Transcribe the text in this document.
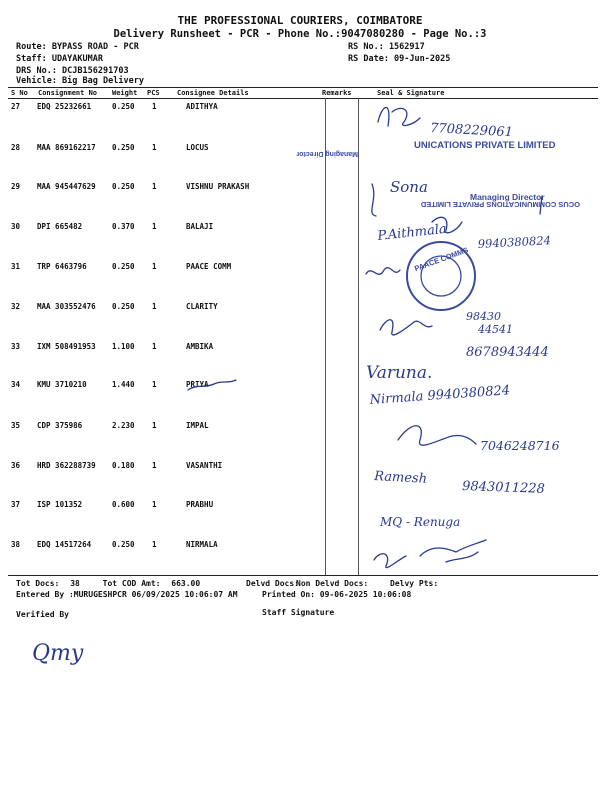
THE PROFESSIONAL COURIERS, COIMBATORE
Delivery Runsheet - PCR - Phone No.:9047080280 - Page No.:3
Route: BYPASS ROAD - PCR
Staff: UDAYAKUMAR
DRS No.: DCJB156291703
Vehicle: Big Bag Delivery
RS No.: 1562917
RS Date: 09-Jun-2025
S No Consignment No Weight PCS Consignee Details	Remarks	Seal & Signature
27 EDQ 25232661	0.250 1	ADITHYA
28 MAA 869162217 0.250 1	LOCUS
29 MAA 945447629 0.250 1	VISHNU PRAKASH
30 DPI 665482	0.370 1	BALAJI
31 TRP 6463796	0.250 1	PAACE COMM
32 MAA 303552476 0.250 1	CLARITY
33 IXM 508491953 1.100 1	AMBIKA
34 KMU 3710210	1.440 1	PRIYA
35 CDP 375986	2.230 1	IMPAL
36 HRD 362288739 0.180 1	VASANTHI
37 ISP 101352	0.600 1	PRABHU
38 EDQ 14517264	0.250 1	NIRMALA
7708229061
UNICATIONS PRIVATE LIMITED
Managing Director
Sona
Managing Director
OCUS COMMUNICATIONS PRIVATE LIMITED
P.Aithmala	9940380824
PAACE COMMS
98430
44541
8678943444
Varuna.
Nirmala 9940380824
7046248716
Ramesh
9843011228
MQ - Renuga
Qmy
Tot Docs: 38	Tot COD Amt: 663.00	Delvd Docs:
Non Delvd Docs:	Delvy Pts:
Entered By :MURUGESHPCR 06/09/2025 10:06:07 AM	Printed On: 09-06-2025 10:06:08
Verified By	Staff Signature
